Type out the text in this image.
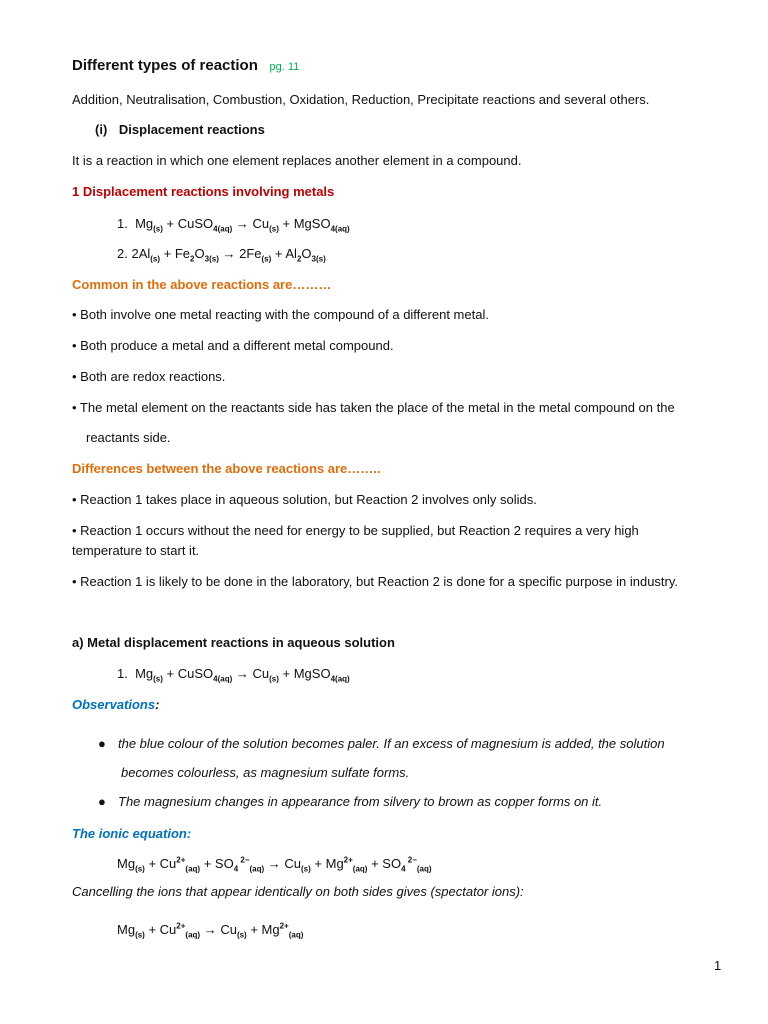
Different types of reaction pg. 11
Addition, Neutralisation, Combustion, Oxidation, Reduction, Precipitate reactions and several others.
(i) Displacement reactions
It is a reaction in which one element replaces another element in a compound.
1 Displacement reactions involving metals
1. $Mg_{(s)}$ + CuSO$_{4(aq)}$ → $Cu_{(s)}$ + MgSO$_{4(aq)}$
2. $2Al_{(s)} + Fe_2O_{3(s)} \to 2Fe_{(s)} + Al_2O_{3(s)}$
Common in the above reactions are………
• Both involve one metal reacting with the compound of a different metal.
• Both produce a metal and a different metal compound.
• Both are redox reactions.
• The metal element on the reactants side has taken the place of the metal in the metal compound on the
reactants side.
Differences between the above reactions are……..
• Reaction 1 takes place in aqueous solution, but Reaction 2 involves only solids.
• Reaction 1 occurs without the need for energy to be supplied, but Reaction 2 requires a very high
temperature to start it.
• Reaction 1 is likely to be done in the laboratory, but Reaction 2 is done for a specific purpose in industry.
a) Metal displacement reactions in aqueous solution
1. $Mg_{(s)}$ + CuSO$_{4(aq)}$ → $Cu_{(s)}$ + MgSO$_{4(aq)}$
Observations:
● the blue colour of the solution becomes paler. If an excess of magnesium is added, the solution
becomes colourless, as magnesium sulfate forms.
● The magnesium changes in appearance from silvery to brown as copper forms on it.
The ionic equation:
$Mg_{(s)} + Cu^{2+}_{(aq)} + SO_4$ $^{2-}_{(aq)} \to Cu_{(s)} + Mg^{2+}_{(aq)} + SO_4$ $^{2-}_{(aq)}$
Cancelling the ions that appear identically on both sides gives (spectator ions):
$Mg_{(s)} + Cu^{2+}_{(aq)} \to Cu_{(s)} + Mg^{2+}_{(aq)}$
1
